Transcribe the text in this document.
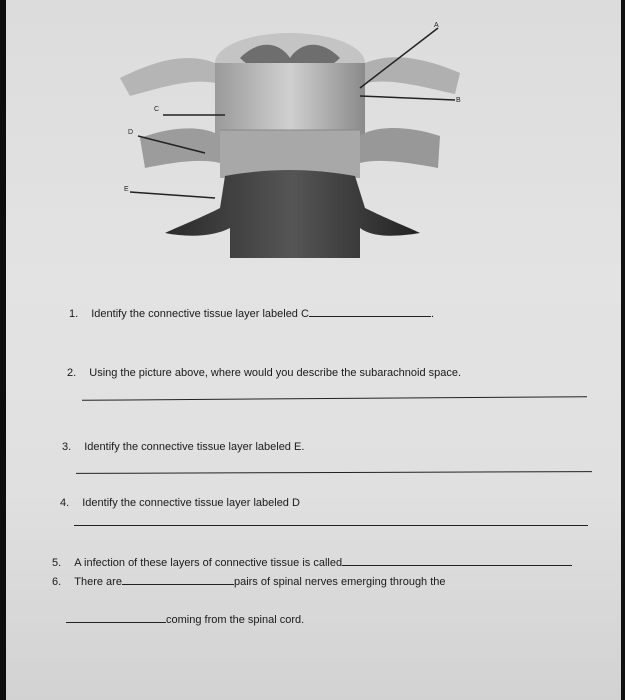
A
B
C
D
E
1. Identify the connective tissue layer labeled C	.
2. Using the picture above, where would you describe the subarachnoid space.
3. Identify the connective tissue layer labeled E.
4. Identify the connective tissue layer labeled D
5. A infection of these layers of connective tissue is called
6. There are	pairs of spinal nerves emerging through the
coming from the spinal cord.
